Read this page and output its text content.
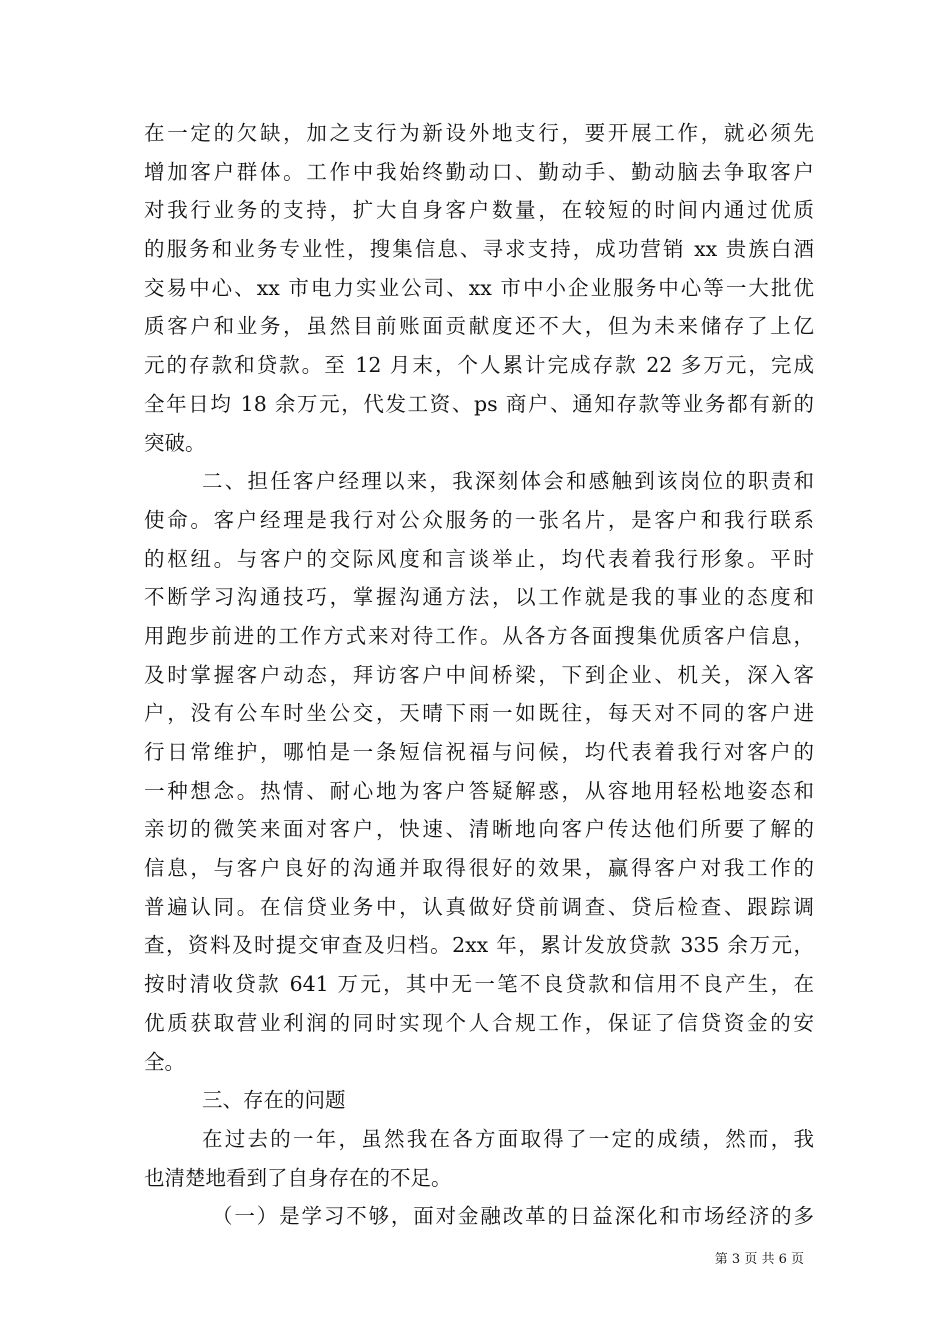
在一定的欠缺，加之支行为新设外地支行，要开展工作，就必须先
增加客户群体。工作中我始终勤动口、勤动手、勤动脑去争取客户
对我行业务的支持，扩大自身客户数量，在较短的时间内通过优质
的服务和业务专业性，搜集信息、寻求支持，成功营销 xx 贵族白酒
交易中心、xx 市电力实业公司、xx 市中小企业服务中心等一大批优
质客户和业务，虽然目前账面贡献度还不大，但为未来储存了上亿
元的存款和贷款。至 12 月末，个人累计完成存款 22 多万元，完成
全年日均 18 余万元，代发工资、ps 商户、通知存款等业务都有新的
突破。
二、担任客户经理以来，我深刻体会和感触到该岗位的职责和
使命。客户经理是我行对公众服务的一张名片，是客户和我行联系
的枢纽。与客户的交际风度和言谈举止，均代表着我行形象。平时
不断学习沟通技巧，掌握沟通方法，以工作就是我的事业的态度和
用跑步前进的工作方式来对待工作。从各方各面搜集优质客户信息，
及时掌握客户动态，拜访客户中间桥梁，下到企业、机关，深入客
户，没有公车时坐公交，天晴下雨一如既往，每天对不同的客户进
行日常维护，哪怕是一条短信祝福与问候，均代表着我行对客户的
一种想念。热情、耐心地为客户答疑解惑，从容地用轻松地姿态和
亲切的微笑来面对客户，快速、清晰地向客户传达他们所要了解的
信息，与客户良好的沟通并取得很好的效果，赢得客户对我工作的
普遍认同。在信贷业务中，认真做好贷前调查、贷后检查、跟踪调
查，资料及时提交审查及归档。2xx 年，累计发放贷款 335 余万元，
按时清收贷款 641 万元，其中无一笔不良贷款和信用不良产生，在
优质获取营业利润的同时实现个人合规工作，保证了信贷资金的安
全。
三、存在的问题
在过去的一年，虽然我在各方面取得了一定的成绩，然而，我
也清楚地看到了自身存在的不足。
（一）是学习不够，面对金融改革的日益深化和市场经济的多
第 3 页 共 6 页
